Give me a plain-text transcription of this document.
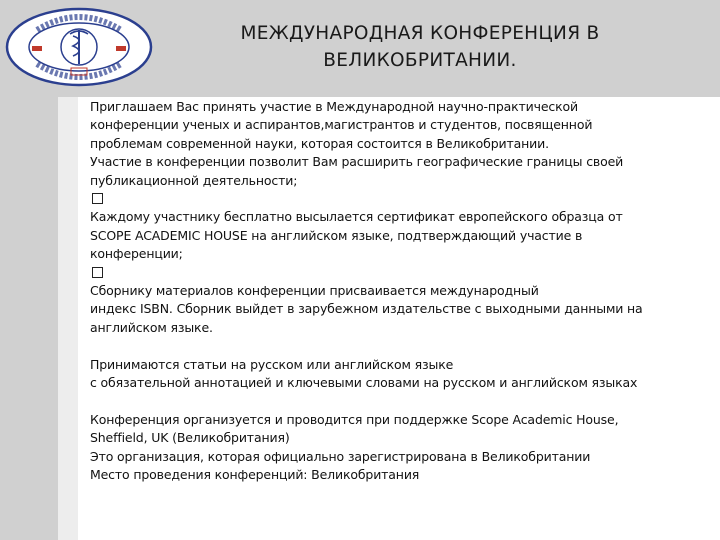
МЕЖДУНАРОДНАЯ КОНФЕРЕНЦИЯ В
ВЕЛИКОБРИТАНИИ.
Приглашаем Вас принять участие в Международной научно-практической
конференции ученых и аспирантов,магистрантов и студентов, посвященной
проблемам современной науки, которая состоится в Великобритании.
Участие в конференции позволит Вам расширить географические границы своей
публикационной деятельности;
Каждому участнику бесплатно высылается сертификат европейского образца от
SCOPE ACADEMIC HOUSE на английском языке, подтверждающий участие в
конференции;
Сборнику материалов конференции присваивается международный
индекс ISBN. Сборник выйдет в зарубежном издательстве с выходными данными на
английском языке.
Принимаются статьи на русском или английском языке
с обязательной аннотацией и ключевыми словами на русском и английском языках
Конференция организуется и проводится при поддержке Scope Academic House,
Sheffield, UK (Великобритания)
Это организация, которая официально зарегистрирована в Великобритании
Место проведения конференций: Великобритания
